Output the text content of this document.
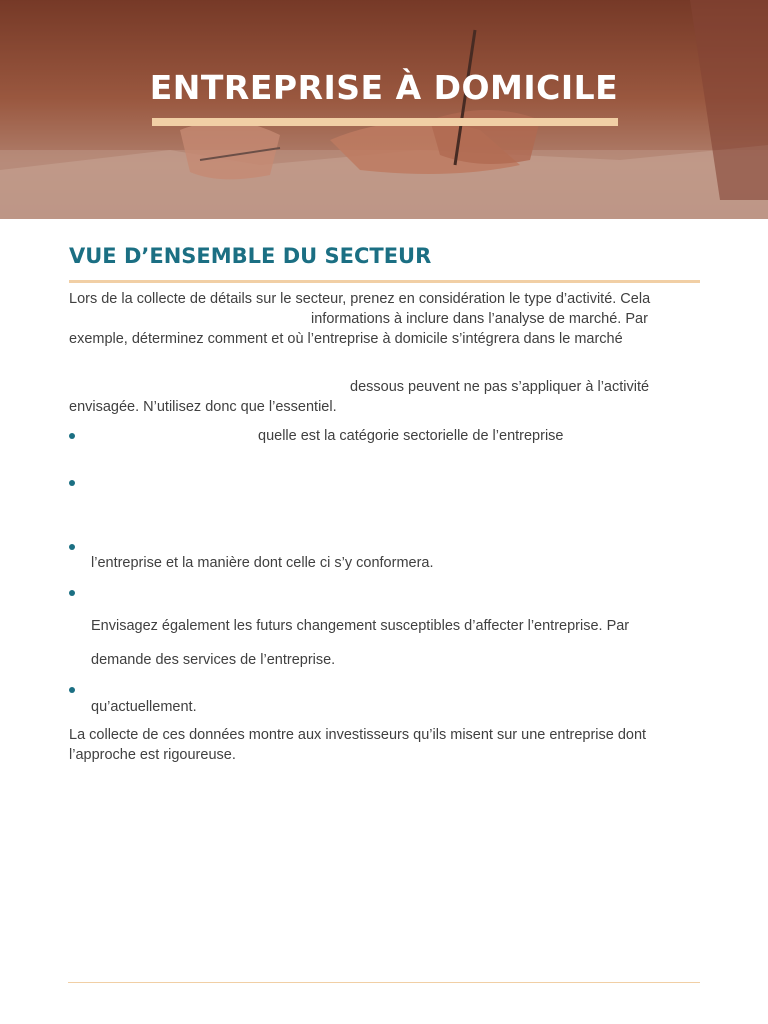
ENTREPRISE À DOMICILE
VUE D’ENSEMBLE DU SECTEUR

Lors de la collecte de détails sur le secteur, prenez en considération le type d’activité. Cela

informations à inclure dans l’analyse de marché. Par

exemple, déterminez comment et où l’entreprise à domicile s’intégrera dans le marché

dessous peuvent ne pas s’appliquer à l’activité

envisagée. N’utilisez donc que l’essentiel.

quelle est la catégorie sectorielle de l’entreprise

l’entreprise et la manière dont celle ci s’y conformera.

Envisagez également les futurs changement susceptibles d’affecter l’entreprise. Par

demande des services de l’entreprise.

qu’actuellement.

La collecte de ces données montre aux investisseurs qu’ils misent sur une entreprise dont

l’approche est rigoureuse.
